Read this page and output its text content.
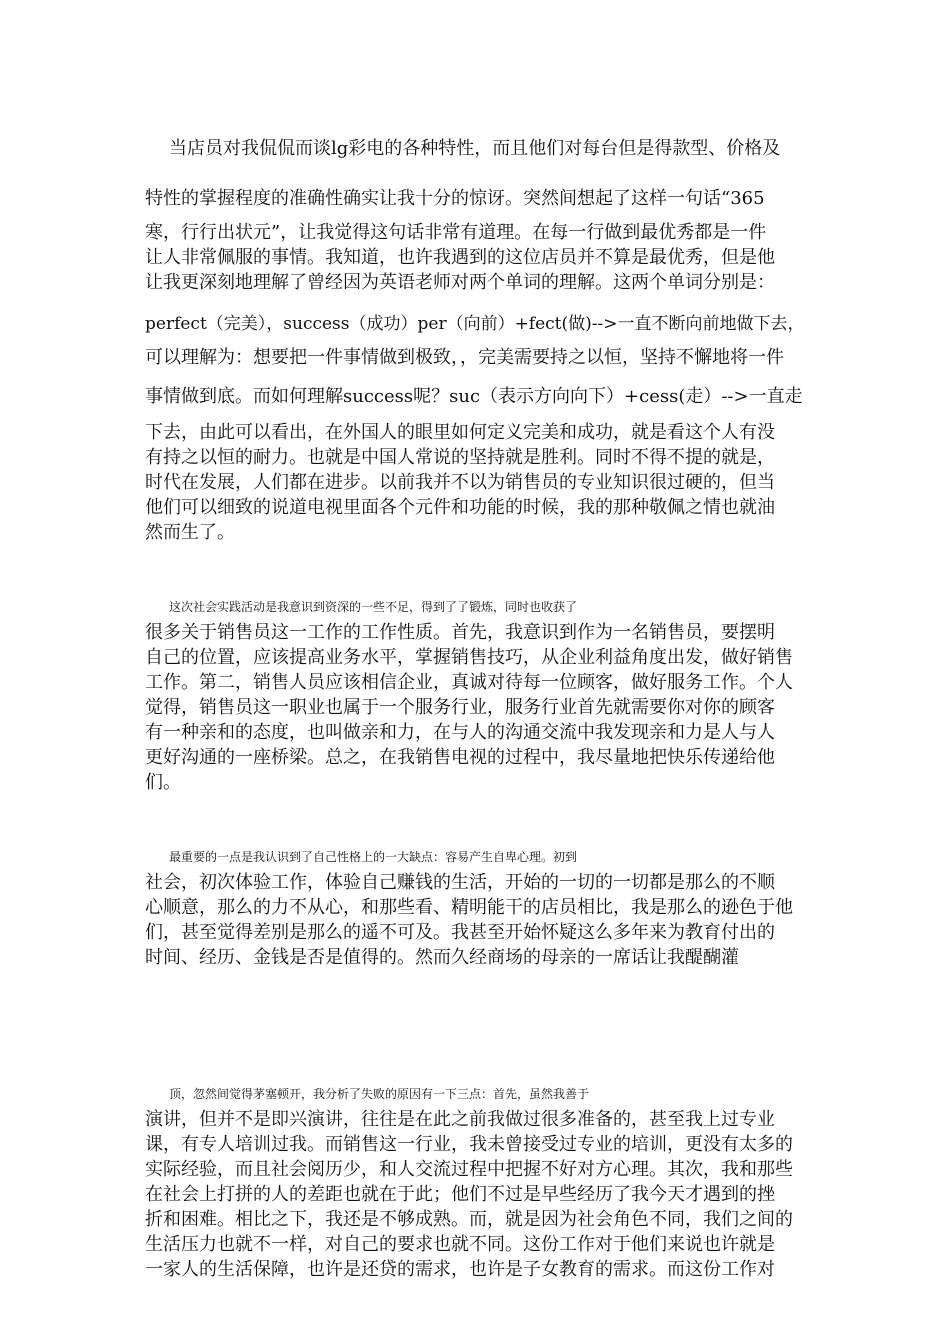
当店员对我侃侃而谈lg彩电的各种特性，而且他们对每台但是得款型、价格及
特性的掌握程度的准确性确实让我十分的惊讶。突然间想起了这样一句话“365
寒，行行出状元”，让我觉得这句话非常有道理。在每一行做到最优秀都是一件
让人非常佩服的事情。我知道，也许我遇到的这位店员并不算是最优秀，但是他
让我更深刻地理解了曾经因为英语老师对两个单词的理解。这两个单词分别是：
perfect（完美），success（成功）per（向前）+fect(做)-->一直不断向前地做下去，
可以理解为：想要把一件事情做到极致，，完美需要持之以恒，坚持不懈地将一件
事情做到底。而如何理解success呢？suc（表示方向向下）+cess(走）-->一直走
下去，由此可以看出，在外国人的眼里如何定义完美和成功，就是看这个人有没
有持之以恒的耐力。也就是中国人常说的坚持就是胜利。同时不得不提的就是，
时代在发展，人们都在进步。以前我并不以为销售员的专业知识很过硬的，但当
他们可以细致的说道电视里面各个元件和功能的时候，我的那种敬佩之情也就油
然而生了。
这次社会实践活动是我意识到资深的一些不足，得到了了锻炼，同时也收获了
很多关于销售员这一工作的工作性质。首先，我意识到作为一名销售员，要摆明
自己的位置，应该提高业务水平，掌握销售技巧，从企业利益角度出发，做好销售
工作。第二，销售人员应该相信企业，真诚对待每一位顾客，做好服务工作。个人
觉得，销售员这一职业也属于一个服务行业，服务行业首先就需要你对你的顾客
有一种亲和的态度，也叫做亲和力，在与人的沟通交流中我发现亲和力是人与人
更好沟通的一座桥梁。总之，在我销售电视的过程中，我尽量地把快乐传递给他
们。
最重要的一点是我认识到了自己性格上的一大缺点：容易产生自卑心理。初到
社会，初次体验工作，体验自己赚钱的生活，开始的一切的一切都是那么的不顺
心顺意，那么的力不从心，和那些看、精明能干的店员相比，我是那么的逊色于他
们，甚至觉得差别是那么的遥不可及。我甚至开始怀疑这么多年来为教育付出的
时间、经历、金钱是否是值得的。然而久经商场的母亲的一席话让我醍醐灌
顶，忽然间觉得茅塞顿开，我分析了失败的原因有一下三点：首先，虽然我善于
演讲，但并不是即兴演讲，往往是在此之前我做过很多准备的，甚至我上过专业
课，有专人培训过我。而销售这一行业，我未曾接受过专业的培训，更没有太多的
实际经验，而且社会阅历少，和人交流过程中把握不好对方心理。其次，我和那些
在社会上打拼的人的差距也就在于此；他们不过是早些经历了我今天才遇到的挫
折和困难。相比之下，我还是不够成熟。而，就是因为社会角色不同，我们之间的
生活压力也就不一样，对自己的要求也就不同。这份工作对于他们来说也许就是
一家人的生活保障，也许是还贷的需求，也许是子女教育的需求。而这份工作对
